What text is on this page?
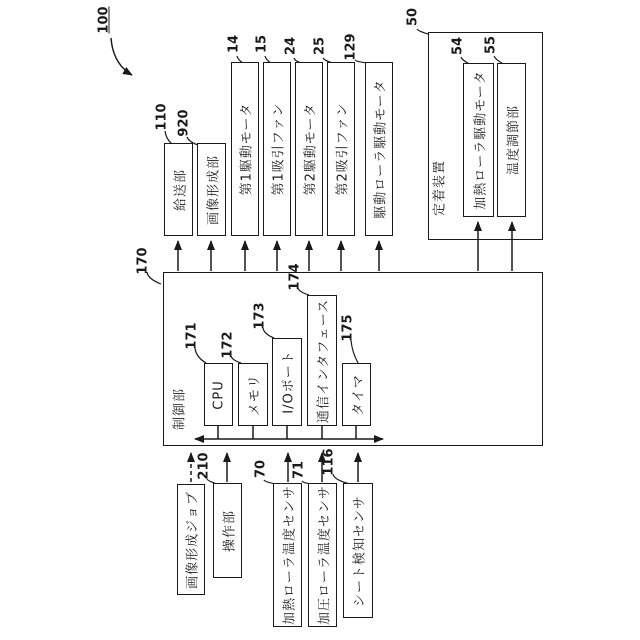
100
給送部
110
画像形成部
920	第1駆動モータ
14
第1吸引ファン
15
第2駆動モータ
24
第2吸引ファン
25
駆動ローラ駆動モータ
129
50
定着装置	加熱ローラ駆動モータ
54
温度調節部
55
170
制御部 CPU
171
メモリ
172
I/Oポート
173	通信インタフェース
174
タイマ
175
画像形成ジョブ	操作部
210
加熱ローラ温度センサ
70
加圧ローラ温度センサ
71
シート検知センサ
116
